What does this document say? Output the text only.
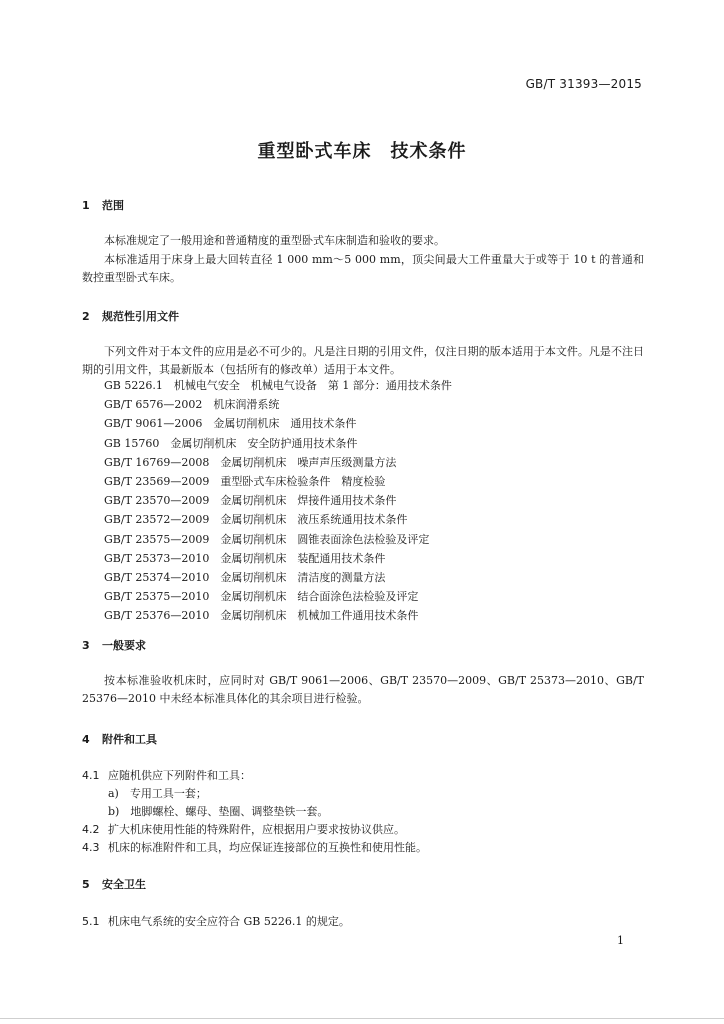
GB/T 31393—2015
重型卧式车床　技术条件
1 范围
本标准规定了一般用途和普通精度的重型卧式车床制造和验收的要求。
本标准适用于床身上最大回转直径 1 000 mm～5 000 mm，顶尖间最大工件重量大于或等于 10 t 的普通和数控重型卧式车床。
2 规范性引用文件
下列文件对于本文件的应用是必不可少的。凡是注日期的引用文件，仅注日期的版本适用于本文件。凡是不注日期的引用文件，其最新版本（包括所有的修改单）适用于本文件。
GB 5226.1　机械电气安全　机械电气设备　第 1 部分：通用技术条件
GB/T 6576—2002　机床润滑系统
GB/T 9061—2006　金属切削机床　通用技术条件
GB 15760　金属切削机床　安全防护通用技术条件
GB/T 16769—2008　金属切削机床　噪声声压级测量方法
GB/T 23569—2009　重型卧式车床检验条件　精度检验
GB/T 23570—2009　金属切削机床　焊接件通用技术条件
GB/T 23572—2009　金属切削机床　液压系统通用技术条件
GB/T 23575—2009　金属切削机床　圆锥表面涂色法检验及评定
GB/T 25373—2010　金属切削机床　装配通用技术条件
GB/T 25374—2010　金属切削机床　清洁度的测量方法
GB/T 25375—2010　金属切削机床　结合面涂色法检验及评定
GB/T 25376—2010　金属切削机床　机械加工件通用技术条件
3 一般要求
按本标准验收机床时，应同时对 GB/T 9061—2006、GB/T 23570—2009、GB/T 25373—2010、GB/T 25376—2010 中未经本标准具体化的其余项目进行检验。
4 附件和工具
4.1 应随机供应下列附件和工具：
a)　专用工具一套；
b)　地脚螺栓、螺母、垫圈、调整垫铁一套。
4.2 扩大机床使用性能的特殊附件，应根据用户要求按协议供应。
4.3 机床的标准附件和工具，均应保证连接部位的互换性和使用性能。
5 安全卫生
5.1 机床电气系统的安全应符合 GB 5226.1 的规定。
1
